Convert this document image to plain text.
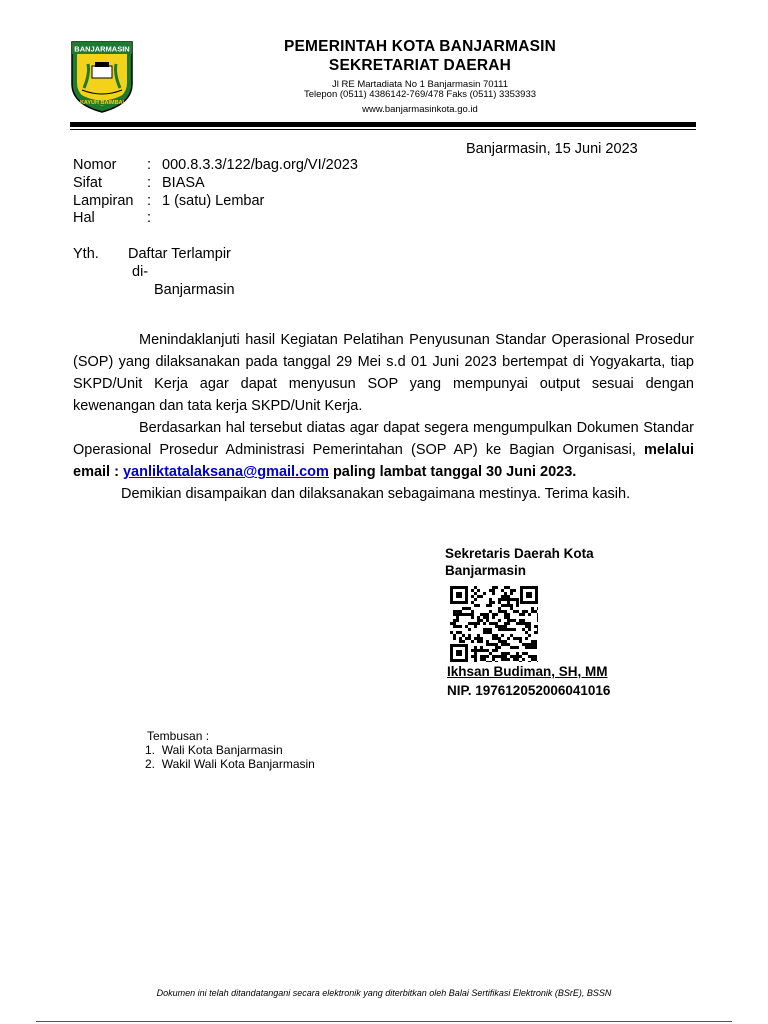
BANJARMASIN
KAYUH BAIMBAI
PEMERINTAH KOTA BANJARMASIN
SEKRETARIAT DAERAH
Jl RE Martadiata No 1 Banjarmasin 70111
Telepon (0511) 4386142-769/478 Faks (0511) 3353933
www.banjarmasinkota.go.id
Banjarmasin, 15 Juni 2023
Nomor : 000.8.3.3/122/bag.org/VI/2023
Sifat	: BIASA
Lampiran : 1 (satu) Lembar
Hal	:
Yth. Daftar Terlampir
di-
Banjarmasin

Menindaklanjuti hasil Kegiatan Pelatihan Penyusunan Standar Operasional Prosedur (SOP) yang dilaksanakan pada tanggal 29 Mei s.d 01 Juni 2023 bertempat di Yogyakarta, tiap SKPD/Unit Kerja agar dapat menyusun SOP yang mempunyai output sesuai dengan kewenangan dan tata kerja SKPD/Unit Kerja.

Berdasarkan hal tersebut diatas agar dapat segera mengumpulkan Dokumen Standar Operasional Prosedur Administrasi Pemerintahan (SOP AP) ke Bagian Organisasi, melalui email : yanliktatalaksana@gmail.com paling lambat tanggal 30 Juni 2023.

Demikian disampaikan dan dilaksanakan sebagaimana mestinya. Terima kasih.

Sekretaris Daerah Kota
Banjarmasin
Ikhsan Budiman, SH, MM
NIP. 197612052006041016
Tembusan :
1. Wali Kota Banjarmasin
2. Wakil Wali Kota Banjarmasin
Dokumen ini telah ditandatangani secara elektronik yang diterbitkan oleh Balai Sertifikasi Elektronik (BSrE), BSSN
